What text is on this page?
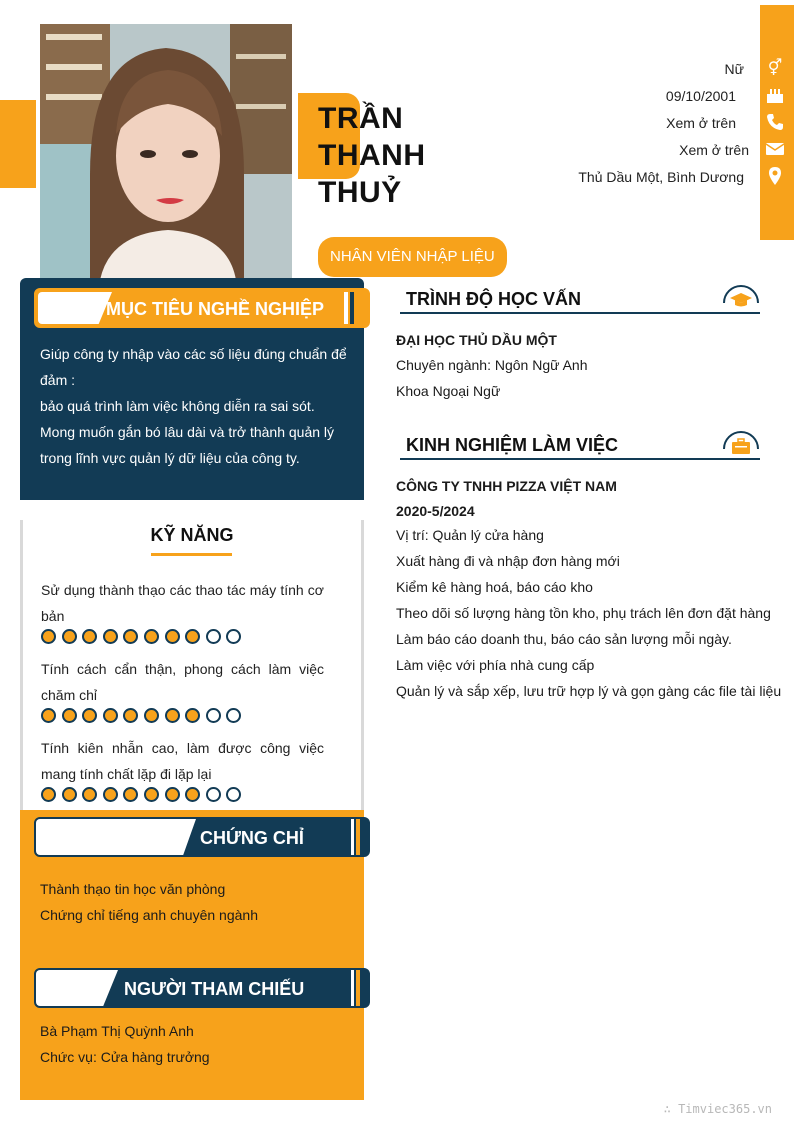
TRẦN
THANH
THUỶ
NHÂN VIÊN NHẬP LIỆU
Nữ
09/10/2001
Xem ở trên
Xem ở trên
Thủ Dầu Một, Bình Dương
⚥
MỤC TIÊU NGHỀ NGHIỆP
Giúp công ty nhập vào các số liệu đúng chuẩn để
đảm :
bảo quá trình làm việc không diễn ra sai sót.
Mong muốn gắn bó lâu dài và trở thành quản lý
trong lĩnh vực quản lý dữ liệu của công ty.
KỸ NĂNG
Sử dụng thành thạo các thao tác máy tính cơ bản
Tính cách cẩn thận, phong cách làm việc chăm chỉ
Tính kiên nhẫn cao, làm được công việc mang tính chất lặp đi lặp lại
CHỨNG CHỈ
Thành thạo tin học văn phòng
Chứng chỉ tiếng anh chuyên ngành
NGƯỜI THAM CHIẾU
Bà Phạm Thị Quỳnh Anh
Chức vụ: Cửa hàng trưởng
TRÌNH ĐỘ HỌC VẤN
ĐẠI HỌC THỦ DẦU MỘT
Chuyên ngành: Ngôn Ngữ Anh
Khoa Ngoại Ngữ
KINH NGHIỆM LÀM VIỆC
CÔNG TY TNHH PIZZA VIỆT NAM
2020-5/2024
Vị trí: Quản lý cửa hàng
Xuất hàng đi và nhập đơn hàng mới
Kiểm kê hàng hoá, báo cáo kho
Theo dõi số lượng hàng tồn kho, phụ trách lên đơn đặt hàng
Làm báo cáo doanh thu, báo cáo sản lượng mỗi ngày.
Làm việc với phía nhà cung cấp
Quản lý và sắp xếp, lưu trữ hợp lý và gọn gàng các file tài liệu
∴ Timviec365.vn
